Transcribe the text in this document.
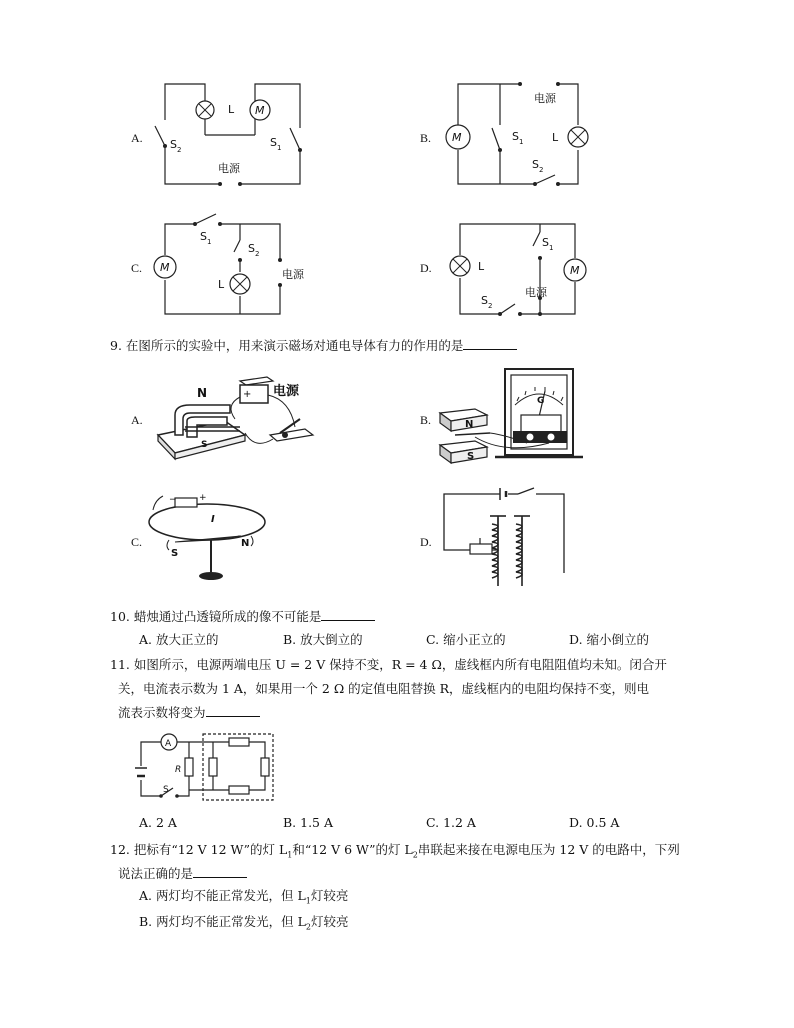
A.
L M
S 2
S 1
电源
B. M	L
S 1
S 2
电源
C. M
L
S 1	S 2
电源	D.	L	M
S 1
S 2
电源
9. 在图所示的实验中，用来演示磁场对通电导体有力的作用的是
A.
+ 电源
N
S
B.
G
N
S
C.
− +
I
S
N	D.
10. 蜡烛通过凸透镜所成的像不可能是
A. 放大正立的	B. 放大倒立的	C. 缩小正立的	D. 缩小倒立的
11. 如图所示，电源两端电压 U = 2 V 保持不变，R = 4 Ω，虚线框内所有电阻阻值均未知。闭合开
关，电流表示数为 1 A，如果用一个 2 Ω 的定值电阻替换 R，虚线框内的电阻均保持不变，则电
流表示数将变为
A
S
R
A. 2 A	B. 1.5 A	C. 1.2 A	D. 0.5 A
12. 把标有“12 V 12 W”的灯 $L_1$和“12 V 6 W”的灯 $L_2$串联起来接在电源电压为 12 V 的电路中，下列
说法正确的是
A. 两灯均不能正常发光，但 $L_1$灯较亮
B. 两灯均不能正常发光，但 $L_2$灯较亮
